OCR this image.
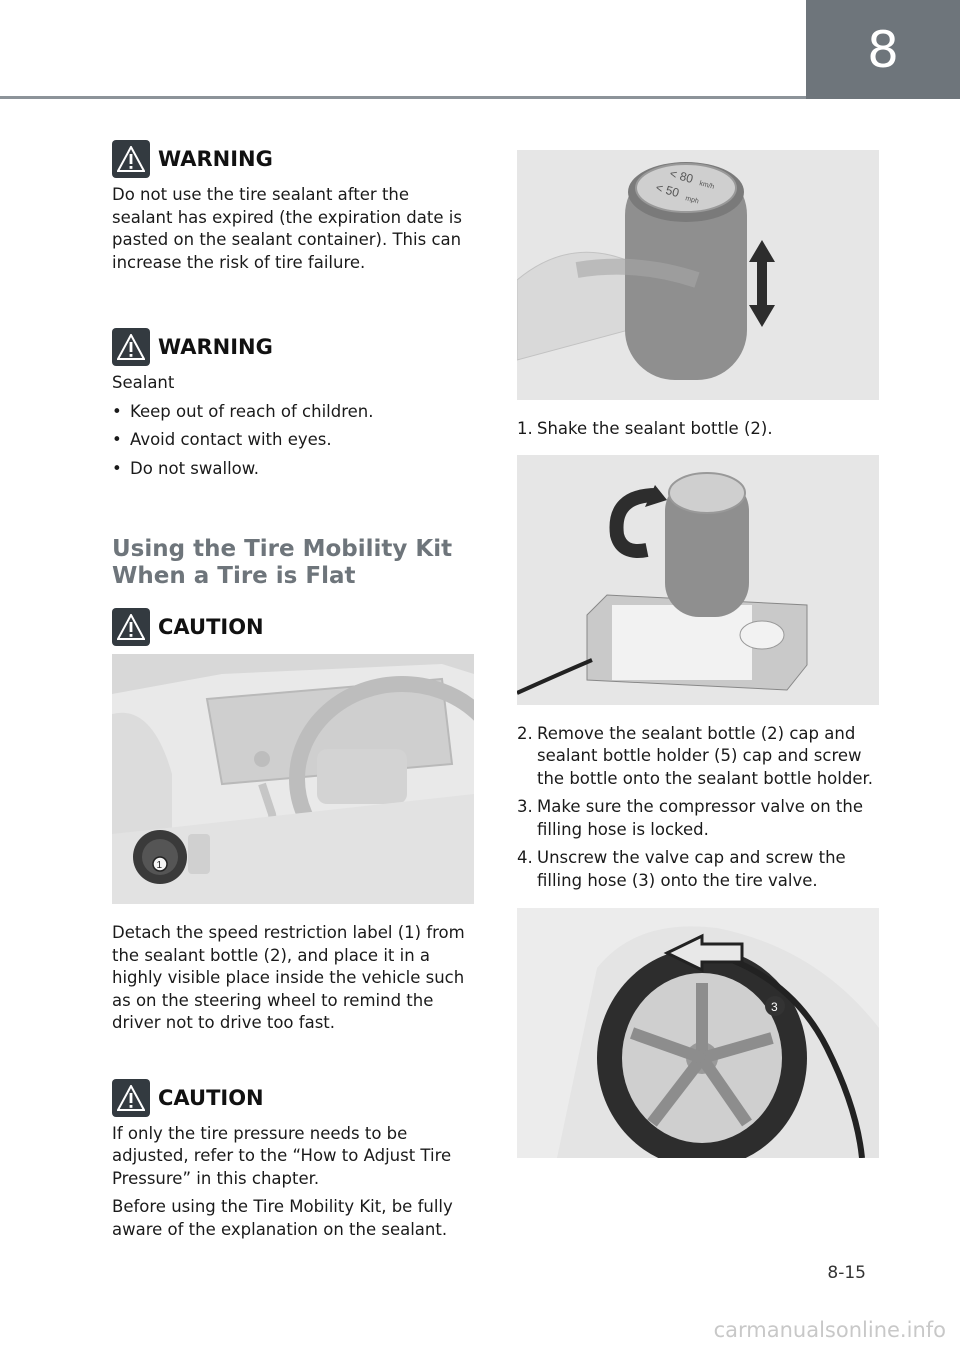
8
WARNING

Do not use the tire sealant after the sealant has expired (the expiration date is pasted on the sealant container). This can increase the risk of tire failure.

WARNING

Sealant

• Keep out of reach of children.
• Avoid contact with eyes.
• Do not swallow.
Using the Tire Mobility Kit
When a Tire is Flat
CAUTION
1

Detach the speed restriction label (1) from the sealant bottle (2), and place it in a highly visible place inside the vehicle such as on the steering wheel to remind the driver not to drive too fast.

CAUTION

If only the tire pressure needs to be adjusted, refer to the “How to Adjust Tire Pressure” in this chapter.

Before using the Tire Mobility Kit, be fully aware of the explanation on the sealant.

< 80 km/h
< 50
mph
1. Shake the sealant bottle (2).
2. Remove the sealant bottle (2) cap and sealant bottle holder (5) cap and screw the bottle onto the sealant bottle holder.
3. Make sure the compressor valve on the filling hose is locked.
4. Unscrew the valve cap and screw the filling hose (3) onto the tire valve.
3
8-15
carmanualsonline.info
